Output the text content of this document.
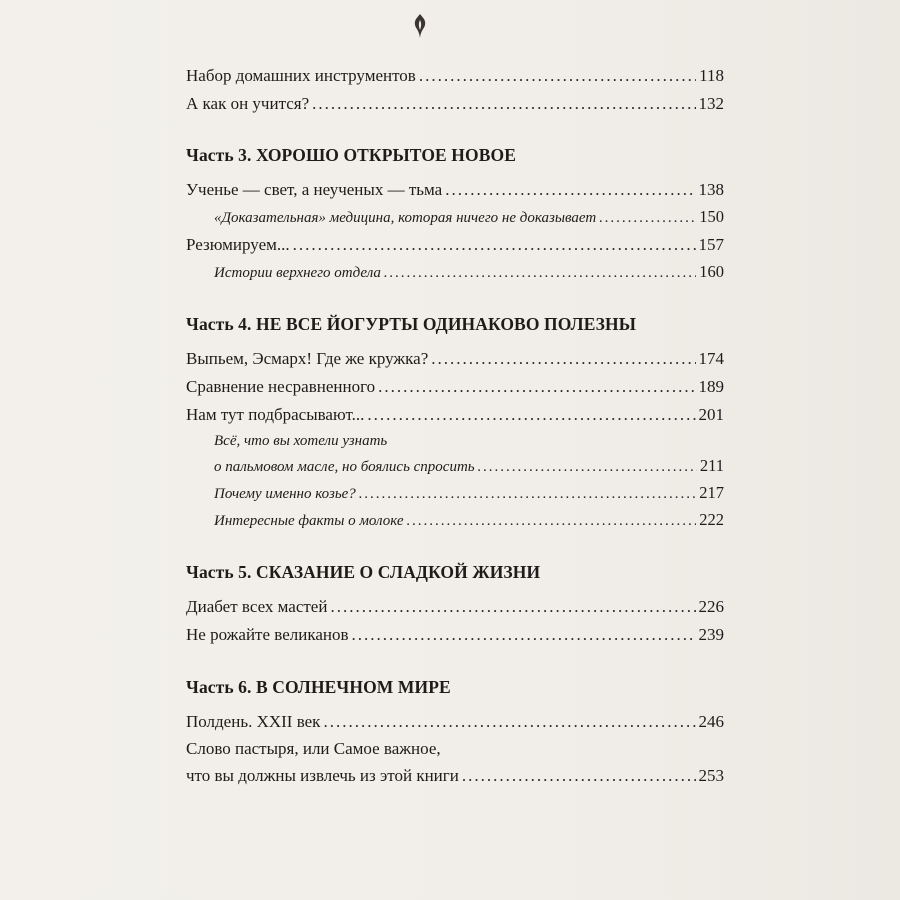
Набор домашних инструментов .....	118
А как он учится? .....	132
Часть 3. ХОРОШО ОТКРЫТОЕ НОВОЕ
Ученье — свет, а неученых — тьма .....	138
«Доказательная» медицина, которая ничего не доказывает .....	150
Резюмируем... .....	157
Истории верхнего отдела .....	160
Часть 4. НЕ ВСЕ ЙОГУРТЫ ОДИНАКОВО ПОЛЕЗНЫ
Выпьем, Эсмарх! Где же кружка? .....	174
Сравнение несравненного .....	189
Нам тут подбрасывают... .....	201
Всё, что вы хотели узнать
о пальмовом масле, но боялись спросить .....	211
Почему именно козье? .....	217
Интересные факты о молоке .....	222
Часть 5. СКАЗАНИЕ О СЛАДКОЙ ЖИЗНИ
Диабет всех мастей .....	226
Не рожайте великанов .....	239
Часть 6. В СОЛНЕЧНОМ МИРЕ
Полдень. XXII век .....	246
Слово пастыря, или Самое важное,
что вы должны извлечь из этой книги .....	253
